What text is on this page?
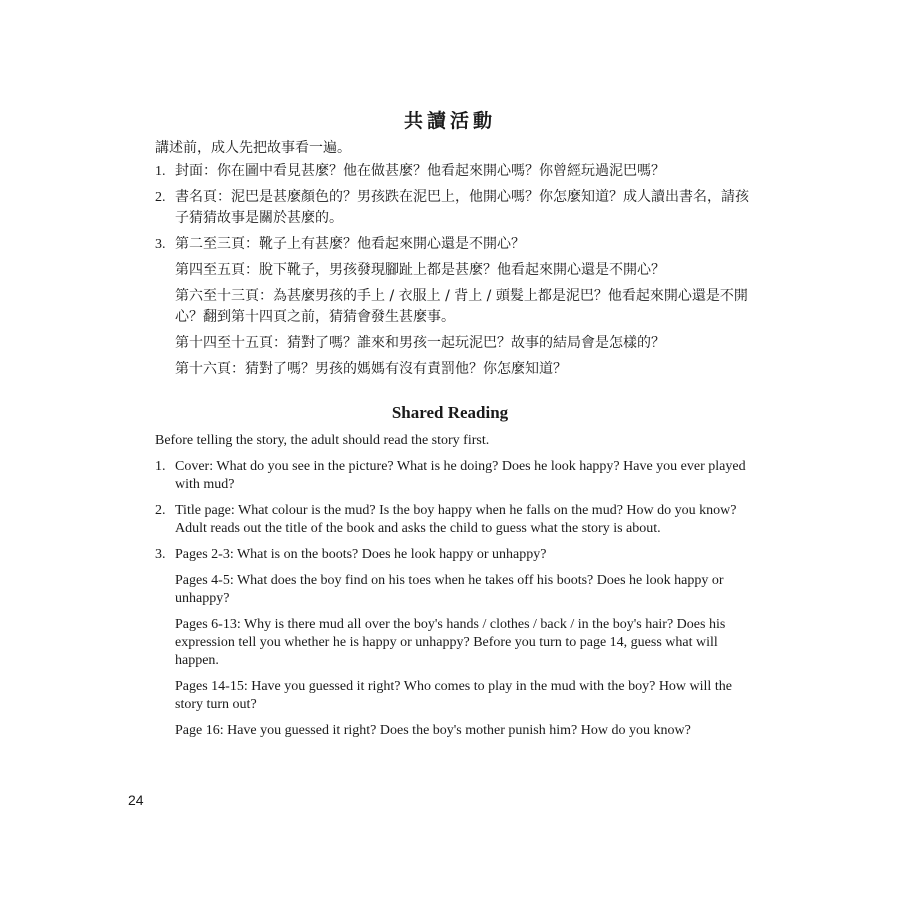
共讀活動
講述前，成人先把故事看一遍。
1. 封面：你在圖中看見甚麼？他在做甚麼？他看起來開心嗎？你曾經玩過泥巴嗎？
2. 書名頁：泥巴是甚麼顏色的？男孩跌在泥巴上，他開心嗎？你怎麼知道？成人讀出書名，請孩子猜猜故事是關於甚麼的。
3. 第二至三頁：靴子上有甚麼？他看起來開心還是不開心？
第四至五頁：脫下靴子，男孩發現腳趾上都是甚麼？他看起來開心還是不開心？
第六至十三頁：為甚麼男孩的手上 / 衣服上 / 背上 / 頭髮上都是泥巴？他看起來開心還是不開心？翻到第十四頁之前，猜猜會發生甚麼事。
第十四至十五頁：猜對了嗎？誰來和男孩一起玩泥巴？故事的結局會是怎樣的？
第十六頁：猜對了嗎？男孩的媽媽有沒有責罰他？你怎麼知道？
Shared Reading
Before telling the story, the adult should read the story first.
1. Cover: What do you see in the picture? What is he doing? Does he look happy? Have you ever played with mud?
2. Title page: What colour is the mud? Is the boy happy when he falls on the mud? How do you know? Adult reads out the title of the book and asks the child to guess what the story is about.
3. Pages 2-3: What is on the boots? Does he look happy or unhappy?
Pages 4-5: What does the boy find on his toes when he takes off his boots? Does he look happy or unhappy?
Pages 6-13: Why is there mud all over the boy's hands / clothes / back / in the boy's hair? Does his expression tell you whether he is happy or unhappy? Before you turn to page 14, guess what will happen.
Pages 14-15: Have you guessed it right? Who comes to play in the mud with the boy? How will the story turn out?
Page 16: Have you guessed it right? Does the boy's mother punish him? How do you know?
24
